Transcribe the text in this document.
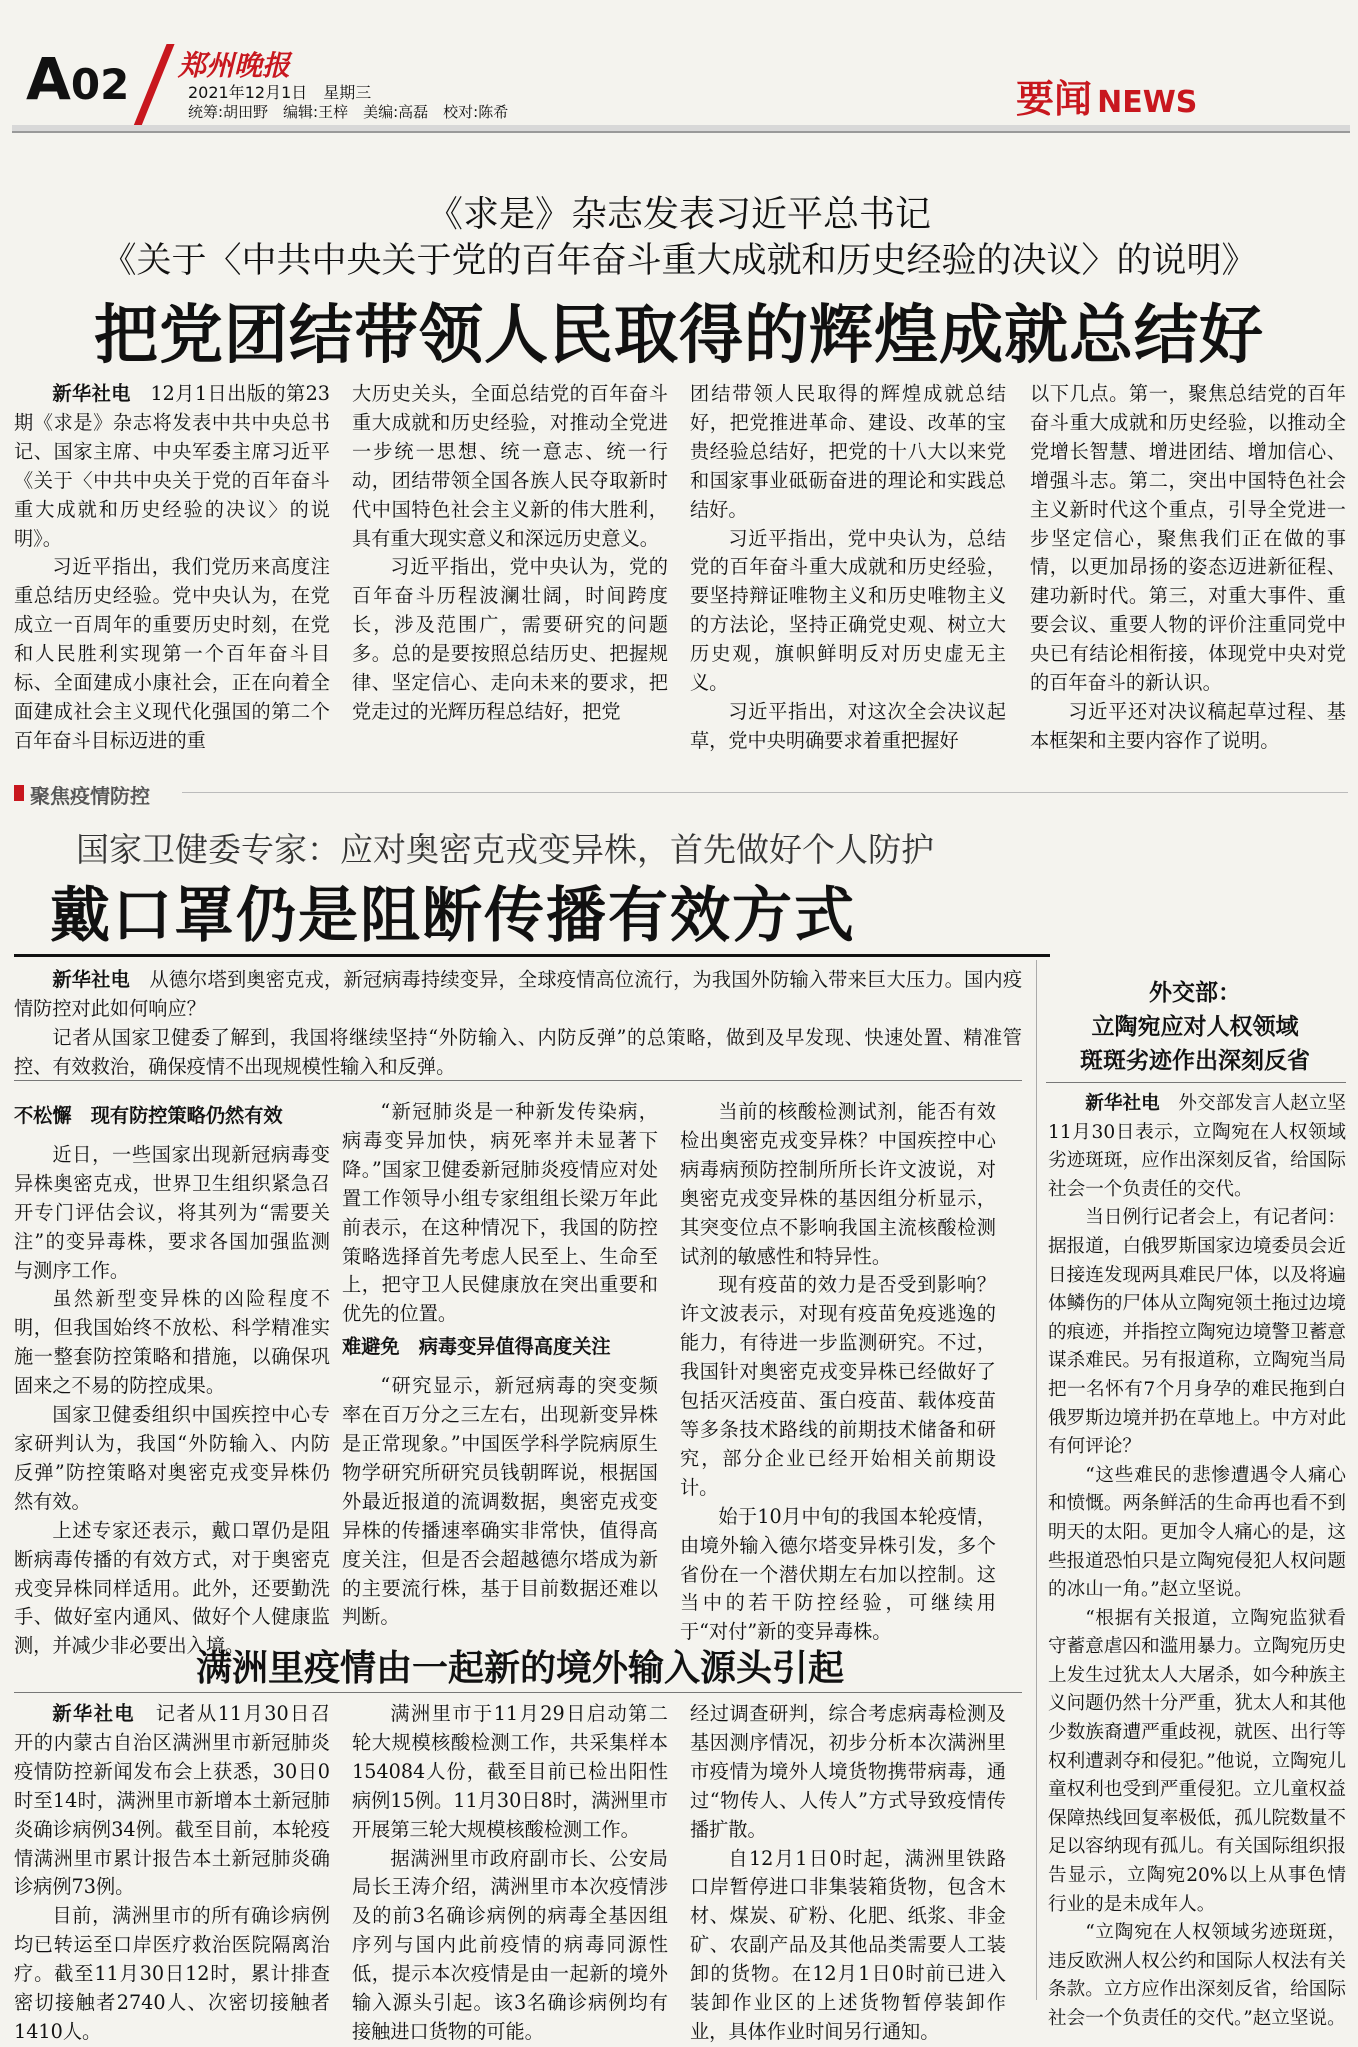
A02 郑州晚报
2021年12月1日　星期三
统筹:胡田野　编辑:王梓　美编:高磊　校对:陈希	要闻 NEWS
《求是》杂志发表习近平总书记
《关于〈中共中央关于党的百年奋斗重大成就和历史经验的决议〉的说明》
把党团结带领人民取得的辉煌成就总结好

新华社电　 12月1日出版的第23期《求是》杂志将发表中共中央总书记、国家主席、中央军委主席习近平《关于〈中共中央关于党的百年奋斗重大成就和历史经验的决议〉的说明》。

习近平指出，我们党历来高度注重总结历史经验。党中央认为，在党成立一百周年的重要历史时刻，在党和人民胜利实现第一个百年奋斗目标、全面建成小康社会，正在向着全面建成社会主义现代化强国的第二个百年奋斗目标迈进的重

大历史关头，全面总结党的百年奋斗重大成就和历史经验，对推动全党进一步统一思想、统一意志、统一行动，团结带领全国各族人民夺取新时代中国特色社会主义新的伟大胜利，具有重大现实意义和深远历史意义。

习近平指出，党中央认为，党的百年奋斗历程波澜壮阔，时间跨度长，涉及范围广，需要研究的问题多。总的是要按照总结历史、把握规律、坚定信心、走向未来的要求，把党走过的光辉历程总结好，把党

团结带领人民取得的辉煌成就总结好，把党推进革命、建设、改革的宝贵经验总结好，把党的十八大以来党和国家事业砥砺奋进的理论和实践总结好。

习近平指出，党中央认为，总结党的百年奋斗重大成就和历史经验，要坚持辩证唯物主义和历史唯物主义的方法论，坚持正确党史观、树立大历史观，旗帜鲜明反对历史虚无主义。

习近平指出，对这次全会决议起草，党中央明确要求着重把握好

以下几点。第一，聚焦总结党的百年奋斗重大成就和历史经验，以推动全党增长智慧、增进团结、增加信心、增强斗志。第二，突出中国特色社会主义新时代这个重点，引导全党进一步坚定信心，聚焦我们正在做的事情，以更加昂扬的姿态迈进新征程、建功新时代。第三，对重大事件、重要会议、重要人物的评价注重同党中央已有结论相衔接，体现党中央对党的百年奋斗的新认识。

习近平还对决议稿起草过程、基本框架和主要内容作了说明。

聚焦疫情防控
国家卫健委专家：应对奥密克戎变异株，首先做好个人防护
戴口罩仍是阻断传播有效方式

新华社电　 从德尔塔到奥密克戎，新冠病毒持续变异，全球疫情高位流行，为我国外防输入带来巨大压力。国内疫情防控对此如何响应？

记者从国家卫健委了解到，我国将继续坚持“外防输入、内防反弹”的总策略，做到及早发现、快速处置、精准管控、有效救治，确保疫情不出现规模性输入和反弹。

不松懈　现有防控策略仍然有效

近日，一些国家出现新冠病毒变异株奥密克戎，世界卫生组织紧急召开专门评估会议，将其列为“需要关注”的变异毒株，要求各国加强监测与测序工作。

虽然新型变异株的凶险程度不明，但我国始终不放松、科学精准实施一整套防控策略和措施，以确保巩固来之不易的防控成果。

国家卫健委组织中国疾控中心专家研判认为，我国“外防输入、内防反弹”防控策略对奥密克戎变异株仍然有效。

上述专家还表示，戴口罩仍是阻断病毒传播的有效方式，对于奥密克戎变异株同样适用。此外，还要勤洗手、做好室内通风、做好个人健康监测，并减少非必要出入境。

“新冠肺炎是一种新发传染病，病毒变异加快，病死率并未显著下降。”国家卫健委新冠肺炎疫情应对处置工作领导小组专家组组长梁万年此前表示，在这种情况下，我国的防控策略选择首先考虑人民至上、生命至上，把守卫人民健康放在突出重要和优先的位置。

难避免　病毒变异值得高度关注

“研究显示，新冠病毒的突变频率在百万分之三左右，出现新变异株是正常现象。”中国医学科学院病原生物学研究所研究员钱朝晖说，根据国外最近报道的流调数据，奥密克戎变异株的传播速率确实非常快，值得高度关注，但是否会超越德尔塔成为新的主要流行株，基于目前数据还难以判断。

当前的核酸检测试剂，能否有效检出奥密克戎变异株？中国疾控中心病毒病预防控制所所长许文波说，对奥密克戎变异株的基因组分析显示，其突变位点不影响我国主流核酸检测试剂的敏感性和特异性。

现有疫苗的效力是否受到影响？许文波表示，对现有疫苗免疫逃逸的能力，有待进一步监测研究。不过，我国针对奥密克戎变异株已经做好了包括灭活疫苗、蛋白疫苗、载体疫苗等多条技术路线的前期技术储备和研究，部分企业已经开始相关前期设计。

始于10月中旬的我国本轮疫情，由境外输入德尔塔变异株引发，多个省份在一个潜伏期左右加以控制。这当中的若干防控经验，可继续用于“对付”新的变异毒株。

外交部：
立陶宛应对人权领域
斑斑劣迹作出深刻反省

新华社电　 外交部发言人赵立坚11月30日表示，立陶宛在人权领域劣迹斑斑，应作出深刻反省，给国际社会一个负责任的交代。

当日例行记者会上，有记者问：据报道，白俄罗斯国家边境委员会近日接连发现两具难民尸体，以及将遍体鳞伤的尸体从立陶宛领土拖过边境的痕迹，并指控立陶宛边境警卫蓄意谋杀难民。另有报道称，立陶宛当局把一名怀有7个月身孕的难民拖到白俄罗斯边境并扔在草地上。中方对此有何评论？

“这些难民的悲惨遭遇令人痛心和愤慨。两条鲜活的生命再也看不到明天的太阳。更加令人痛心的是，这些报道恐怕只是立陶宛侵犯人权问题的冰山一角。”赵立坚说。

“根据有关报道，立陶宛监狱看守蓄意虐囚和滥用暴力。立陶宛历史上发生过犹太人大屠杀，如今种族主义问题仍然十分严重，犹太人和其他少数族裔遭严重歧视，就医、出行等权利遭剥夺和侵犯。”他说，立陶宛儿童权利也受到严重侵犯。立儿童权益保障热线回复率极低，孤儿院数量不足以容纳现有孤儿。有关国际组织报告显示，立陶宛20%以上从事色情行业的是未成年人。

“立陶宛在人权领域劣迹斑斑，违反欧洲人权公约和国际人权法有关条款。立方应作出深刻反省，给国际社会一个负责任的交代。”赵立坚说。

满洲里疫情由一起新的境外输入源头引起

新华社电　 记者从11月30日召开的内蒙古自治区满洲里市新冠肺炎疫情防控新闻发布会上获悉，30日0时至14时，满洲里市新增本土新冠肺炎确诊病例34例。截至目前，本轮疫情满洲里市累计报告本土新冠肺炎确诊病例73例。

目前，满洲里市的所有确诊病例均已转运至口岸医疗救治医院隔离治疗。截至11月30日12时，累计排查密切接触者2740人、次密切接触者1410人。

满洲里市于11月29日启动第二轮大规模核酸检测工作，共采集样本154084人份，截至目前已检出阳性病例15例。11月30日8时，满洲里市开展第三轮大规模核酸检测工作。

据满洲里市政府副市长、公安局局长王涛介绍，满洲里市本次疫情涉及的前3名确诊病例的病毒全基因组序列与国内此前疫情的病毒同源性低，提示本次疫情是由一起新的境外输入源头引起。该3名确诊病例均有接触进口货物的可能。

经过调查研判，综合考虑病毒检测及基因测序情况，初步分析本次满洲里市疫情为境外人境货物携带病毒，通过“物传人、人传人”方式导致疫情传播扩散。

自12月1日0时起，满洲里铁路口岸暂停进口非集装箱货物，包含木材、煤炭、矿粉、化肥、纸浆、非金矿、农副产品及其他品类需要人工装卸的货物。在12月1日0时前已进入装卸作业区的上述货物暂停装卸作业，具体作业时间另行通知。
